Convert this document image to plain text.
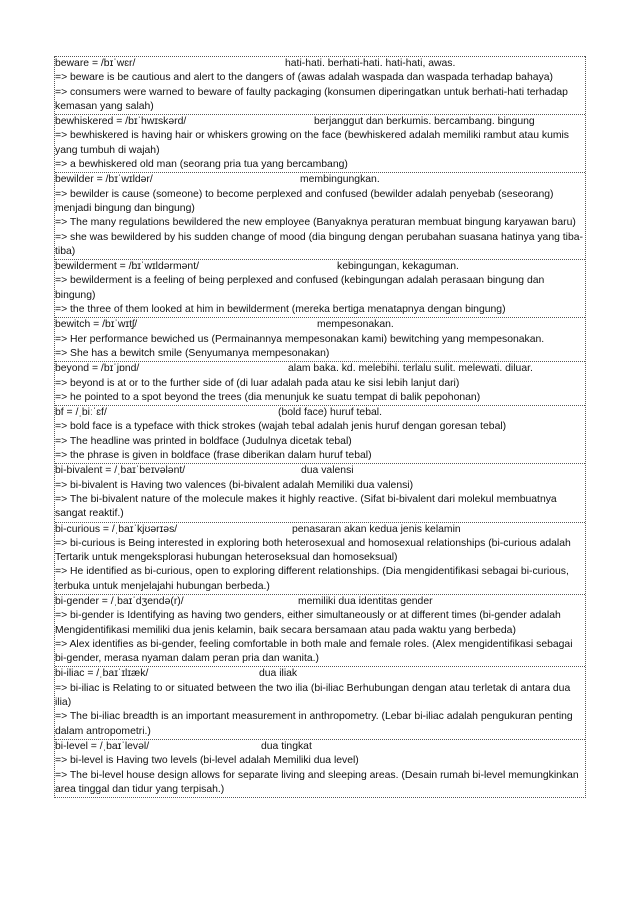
beware = /bɪˈwɛr/	hati-hati. berhati-hati. hati-hati, awas.
=> beware is be cautious and alert to the dangers of (awas adalah waspada dan waspada terhadap bahaya)
=> consumers were warned to beware of faulty packaging (konsumen diperingatkan untuk berhati-hati terhadap kemasan yang salah)
bewhiskered = /bɪˈhwɪskərd/	berjanggut dan berkumis. bercambang. bingung
=> bewhiskered is having hair or whiskers growing on the face (bewhiskered adalah memiliki rambut atau kumis yang tumbuh di wajah)
=> a bewhiskered old man (seorang pria tua yang bercambang)
bewilder = /bɪˈwɪldər/	membingungkan.
=> bewilder is cause (someone) to become perplexed and confused (bewilder adalah penyebab (seseorang) menjadi bingung dan bingung)
=> The many regulations bewildered the new employee (Banyaknya peraturan membuat bingung karyawan baru)
=> she was bewildered by his sudden change of mood (dia bingung dengan perubahan suasana hatinya yang tiba-tiba)
bewilderment = /bɪˈwɪldərmənt/	kebingungan, kekaguman.
=> bewilderment is a feeling of being perplexed and confused (kebingungan adalah perasaan bingung dan bingung)
=> the three of them looked at him in bewilderment (mereka bertiga menatapnya dengan bingung)
bewitch = /bɪˈwɪtʃ/	mempesonakan.
=> Her performance bewiched us (Permainannya mempesonakan kami) bewitching yang mempesonakan.
=> She has a bewitch smile (Senyumanya mempesonakan)
beyond = /bɪˈjɒnd/	alam baka. kd. melebihi. terlalu sulit. melewati. diluar.
=> beyond is at or to the further side of (di luar adalah pada atau ke sisi lebih lanjut dari)
=> he pointed to a spot beyond the trees (dia menunjuk ke suatu tempat di balik pepohonan)
bf = /ˌbiːˈɛf/	(bold face) huruf tebal.
=> bold face is a typeface with thick strokes (wajah tebal adalah jenis huruf dengan goresan tebal)
=> The headline was printed in boldface (Judulnya dicetak tebal)
=> the phrase is given in boldface (frase diberikan dalam huruf tebal)
bi-bivalent = /ˌbaɪˈbeɪvələnt/	dua valensi
=> bi-bivalent is Having two valences (bi-bivalent adalah Memiliki dua valensi)
=> The bi-bivalent nature of the molecule makes it highly reactive. (Sifat bi-bivalent dari molekul membuatnya sangat reaktif.)
bi-curious = /ˌbaɪˈkjʊərɪəs/	penasaran akan kedua jenis kelamin
=> bi-curious is Being interested in exploring both heterosexual and homosexual relationships (bi-curious adalah Tertarik untuk mengeksplorasi hubungan heteroseksual dan homoseksual)
=> He identified as bi-curious, open to exploring different relationships. (Dia mengidentifikasi sebagai bi-curious, terbuka untuk menjelajahi hubungan berbeda.)
bi-gender = /ˌbaɪˈdʒendə(r)/	memiliki dua identitas gender
=> bi-gender is Identifying as having two genders, either simultaneously or at different times (bi-gender adalah Mengidentifikasi memiliki dua jenis kelamin, baik secara bersamaan atau pada waktu yang berbeda)
=> Alex identifies as bi-gender, feeling comfortable in both male and female roles. (Alex mengidentifikasi sebagai bi-gender, merasa nyaman dalam peran pria dan wanita.)
bi-iliac = /ˌbaɪˈɪlɪæk/	dua iliak
=> bi-iliac is Relating to or situated between the two ilia (bi-iliac Berhubungan dengan atau terletak di antara dua ilia)
=> The bi-iliac breadth is an important measurement in anthropometry. (Lebar bi-iliac adalah pengukuran penting dalam antropometri.)
bi-level = /ˌbaɪˈlevəl/	dua tingkat
=> bi-level is Having two levels (bi-level adalah Memiliki dua level)
=> The bi-level house design allows for separate living and sleeping areas. (Desain rumah bi-level memungkinkan area tinggal dan tidur yang terpisah.)
